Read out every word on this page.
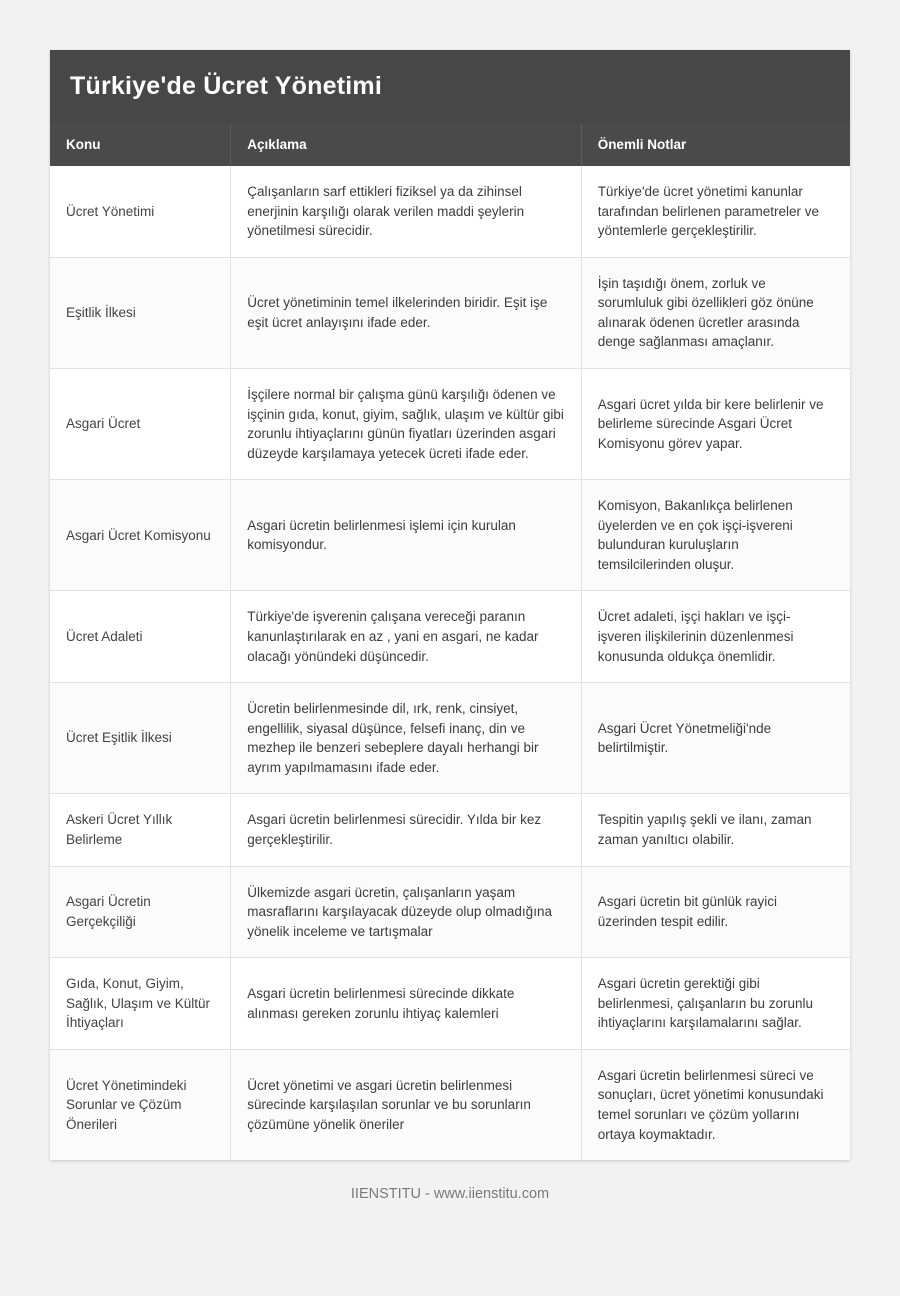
Türkiye'de Ücret Yönetimi
Konu	Açıklama	Önemli Notlar
Ücret Yönetimi	Çalışanların sarf ettikleri fiziksel ya da zihinsel enerjinin karşılığı olarak verilen maddi şeylerin yönetilmesi sürecidir.	Türkiye'de ücret yönetimi kanunlar tarafından belirlenen parametreler ve yöntemlerle gerçekleştirilir.
Eşitlik İlkesi	Ücret yönetiminin temel ilkelerinden biridir. Eşit işe eşit ücret anlayışını ifade eder.	İşin taşıdığı önem, zorluk ve sorumluluk gibi özellikleri göz önüne alınarak ödenen ücretler arasında denge sağlanması amaçlanır.
Asgari Ücret	İşçilere normal bir çalışma günü karşılığı ödenen ve işçinin gıda, konut, giyim, sağlık, ulaşım ve kültür gibi zorunlu ihtiyaçlarını günün fiyatları üzerinden asgari düzeyde karşılamaya yetecek ücreti ifade eder.	Asgari ücret yılda bir kere belirlenir ve belirleme sürecinde Asgari Ücret Komisyonu görev yapar.
Asgari Ücret Komisyonu	Asgari ücretin belirlenmesi işlemi için kurulan komisyondur.	Komisyon, Bakanlıkça belirlenen üyelerden ve en çok işçi-işvereni bulunduran kuruluşların temsilcilerinden oluşur.
Ücret Adaleti	Türkiye'de işverenin çalışana vereceği paranın kanunlaştırılarak en az , yani en asgari, ne kadar olacağı yönündeki düşüncedir.	Ücret adaleti, işçi hakları ve işçi-işveren ilişkilerinin düzenlenmesi konusunda oldukça önemlidir.
Ücret Eşitlik İlkesi	Ücretin belirlenmesinde dil, ırk, renk, cinsiyet, engellilik, siyasal düşünce, felsefi inanç, din ve mezhep ile benzeri sebeplere dayalı herhangi bir ayrım yapılmamasını ifade eder.	Asgari Ücret Yönetmeliği'nde belirtilmiştir.
Askeri Ücret Yıllık Belirleme	Asgari ücretin belirlenmesi sürecidir. Yılda bir kez gerçekleştirilir.	Tespitin yapılış şekli ve ilanı, zaman zaman yanıltıcı olabilir.
Asgari Ücretin Gerçekçiliği	Ülkemizde asgari ücretin, çalışanların yaşam masraflarını karşılayacak düzeyde olup olmadığına yönelik inceleme ve tartışmalar	Asgari ücretin bit günlük rayici üzerinden tespit edilir.
Gıda, Konut, Giyim, Sağlık, Ulaşım ve Kültür İhtiyaçları	Asgari ücretin belirlenmesi sürecinde dikkate alınması gereken zorunlu ihtiyaç kalemleri	Asgari ücretin gerektiği gibi belirlenmesi, çalışanların bu zorunlu ihtiyaçlarını karşılamalarını sağlar.
Ücret Yönetimindeki Sorunlar ve Çözüm Önerileri	Ücret yönetimi ve asgari ücretin belirlenmesi sürecinde karşılaşılan sorunlar ve bu sorunların çözümüne yönelik öneriler	Asgari ücretin belirlenmesi süreci ve sonuçları, ücret yönetimi konusundaki temel sorunları ve çözüm yollarını ortaya koymaktadır.
IIENSTITU - www.iienstitu.com
